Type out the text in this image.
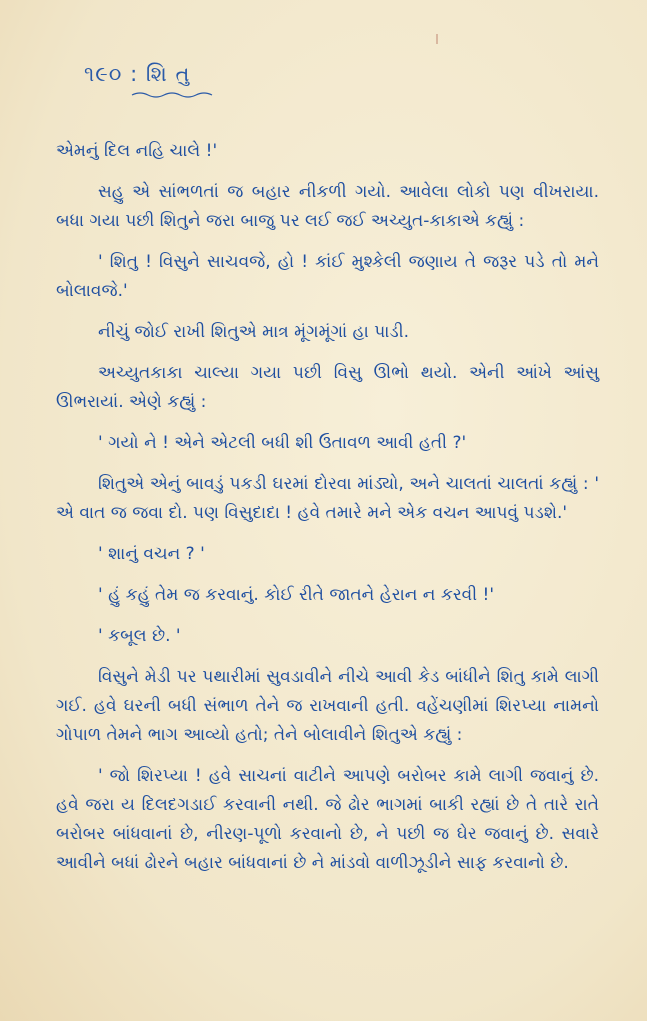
૧૯૦ : શિ તુ

એમનું દિલ નહિ ચાલે !'

સહુ એ સાંભળતાં જ બહાર નીકળી ગયો. આવેલા લોકો પણ વીખરાયા. બધા ગયા પછી શિતુને જરા બાજુ પર લઈ જઈ અચ્યુત-કાકાએ કહ્યું :

' શિતુ ! વિસુને સાચવજે, હો ! કાંઈ મુશ્કેલી જણાય તે જરૂર પડે તો મને બોલાવજે.'

નીચું જોઈ રાખી શિતુએ માત્ર મૂંગમૂંગાં હા પાડી.

અચ્યુતકાકા ચાલ્યા ગયા પછી વિસુ ઊભો થયો. એની આંખે આંસુ ઊભરાયાં. એણે કહ્યું :

' ગયો ને ! એને એટલી બધી શી ઉતાવળ આવી હતી ?'

શિતુએ એનું બાવડું પકડી ઘરમાં દોરવા માંડ્યો, અને ચાલતાં ચાલતાં કહ્યું : ' એ વાત જ જવા દો. પણ વિસુદાદા ! હવે તમારે મને એક વચન આપવું પડશે.'

' શાનું વચન ? '

' હું કહું તેમ જ કરવાનું. કોઈ રીતે જાતને હેરાન ન કરવી !'

' કબૂલ છે. '

વિસુને મેડી પર પથારીમાં સુવડાવીને નીચે આવી કેડ બાંધીને શિતુ કામે લાગી ગઈ. હવે ઘરની બધી સંભાળ તેને જ રાખવાની હતી. વહેંચણીમાં શિરપ્યા નામનો ગોપાળ તેમને ભાગ આવ્યો હતો; તેને બોલાવીને શિતુએ કહ્યું :

' જો શિરપ્યા ! હવે સાચનાં વાટીને આપણે બરોબર કામે લાગી જવાનું છે. હવે જરા ય દિલદગડાઈ કરવાની નથી. જે ઢોર ભાગમાં બાકી રહ્યાં છે તે તારે રાતે બરોબર બાંધવાનાં છે, નીરણ-પૂળો કરવાનો છે, ને પછી જ ઘેર જવાનું છે. સવારે આવીને બધાં ઢોરને બહાર બાંધવાનાં છે ને માંડવો વાળીઝૂડીને સાફ કરવાનો છે.
